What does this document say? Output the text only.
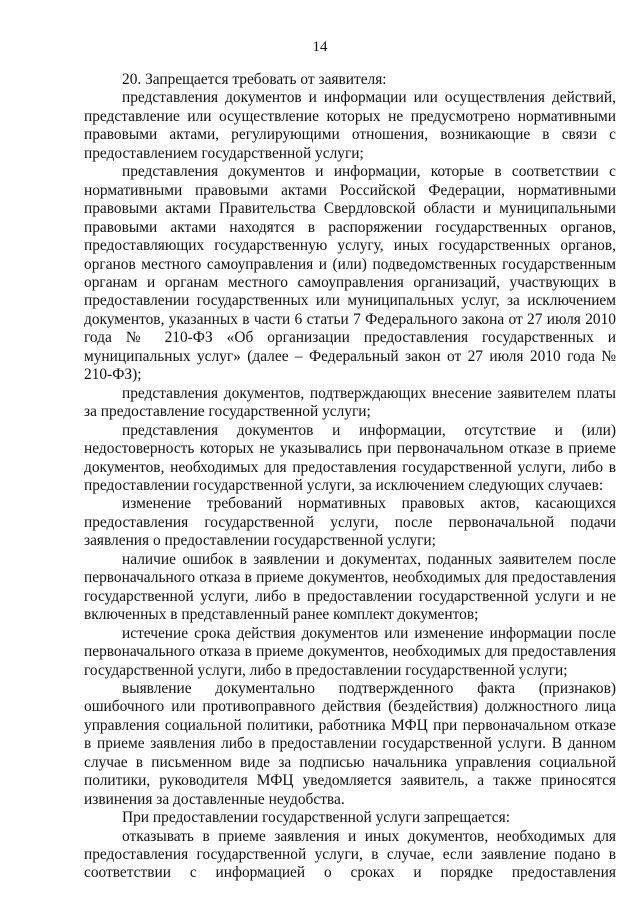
14

20. Запрещается требовать от заявителя:

представления документов и информации или осуществления действий, представление или осуществление которых не предусмотрено нормативными правовыми актами, регулирующими отношения, возникающие в связи с предоставлением государственной услуги;

представления документов и информации, которые в соответствии с нормативными правовыми актами Российской Федерации, нормативными правовыми актами Правительства Свердловской области и муниципальными правовыми актами находятся в распоряжении государственных органов, предоставляющих государственную услугу, иных государственных органов, органов местного самоуправления и (или) подведомственных государственным органам и органам местного самоуправления организаций, участвующих в предоставлении государственных или муниципальных услуг, за исключением документов, указанных в части 6 статьи 7 Федерального закона от 27 июля 2010 года № 210-ФЗ «Об организации предоставления государственных и муниципальных услуг» (далее – Федеральный закон от 27 июля 2010 года № 210-ФЗ);

представления документов, подтверждающих внесение заявителем платы за предоставление государственной услуги;

представления документов и информации, отсутствие и (или) недостоверность которых не указывались при первоначальном отказе в приеме документов, необходимых для предоставления государственной услуги, либо в предоставлении государственной услуги, за исключением следующих случаев:

изменение требований нормативных правовых актов, касающихся предоставления государственной услуги, после первоначальной подачи заявления о предоставлении государственной услуги;

наличие ошибок в заявлении и документах, поданных заявителем после первоначального отказа в приеме документов, необходимых для предоставления государственной услуги, либо в предоставлении государственной услуги и не включенных в представленный ранее комплект документов;

истечение срока действия документов или изменение информации после первоначального отказа в приеме документов, необходимых для предоставления государственной услуги, либо в предоставлении государственной услуги;

выявление документально подтвержденного факта (признаков) ошибочного или противоправного действия (бездействия) должностного лица управления социальной политики, работника МФЦ при первоначальном отказе в приеме заявления либо в предоставлении государственной услуги. В данном случае в письменном виде за подписью начальника управления социальной политики, руководителя МФЦ уведомляется заявитель, а также приносятся извинения за доставленные неудобства.

При предоставлении государственной услуги запрещается:

отказывать в приеме заявления и иных документов, необходимых для предоставления государственной услуги, в случае, если заявление подано в соответствии с информацией о сроках и порядке предоставления
